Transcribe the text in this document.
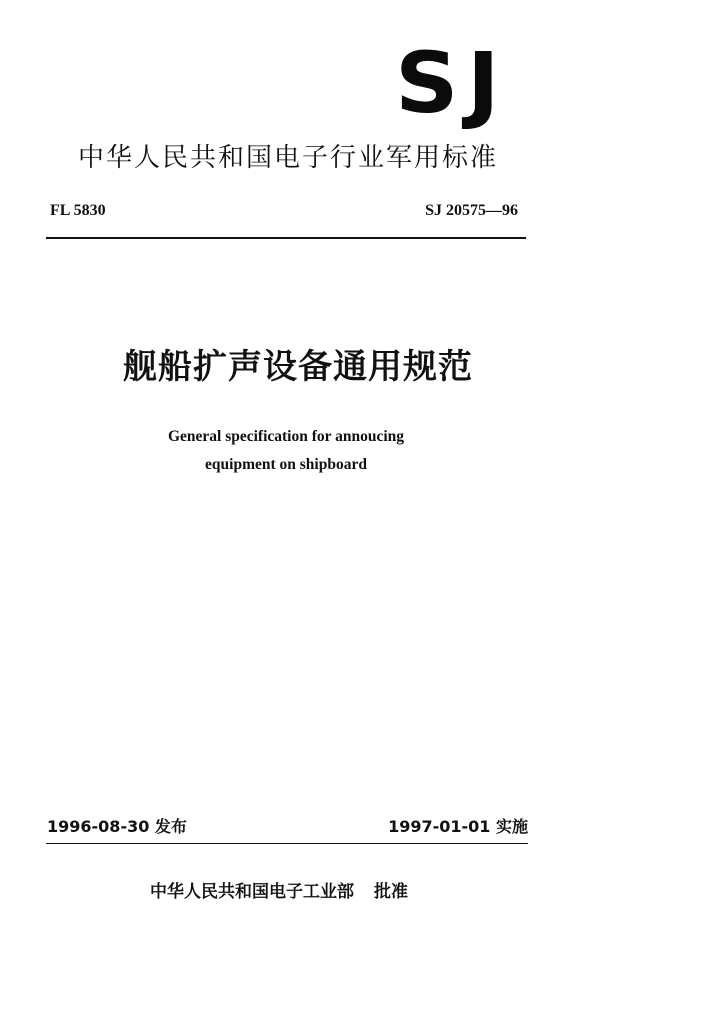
SJ
中华人民共和国电子行业军用标准
FL 5830	SJ 20575—96
舰船扩声设备通用规范
General specification for annoucing
equipment on shipboard
1996-08-30 发布	1997-01-01 实施
中华人民共和国电子工业部 批准
